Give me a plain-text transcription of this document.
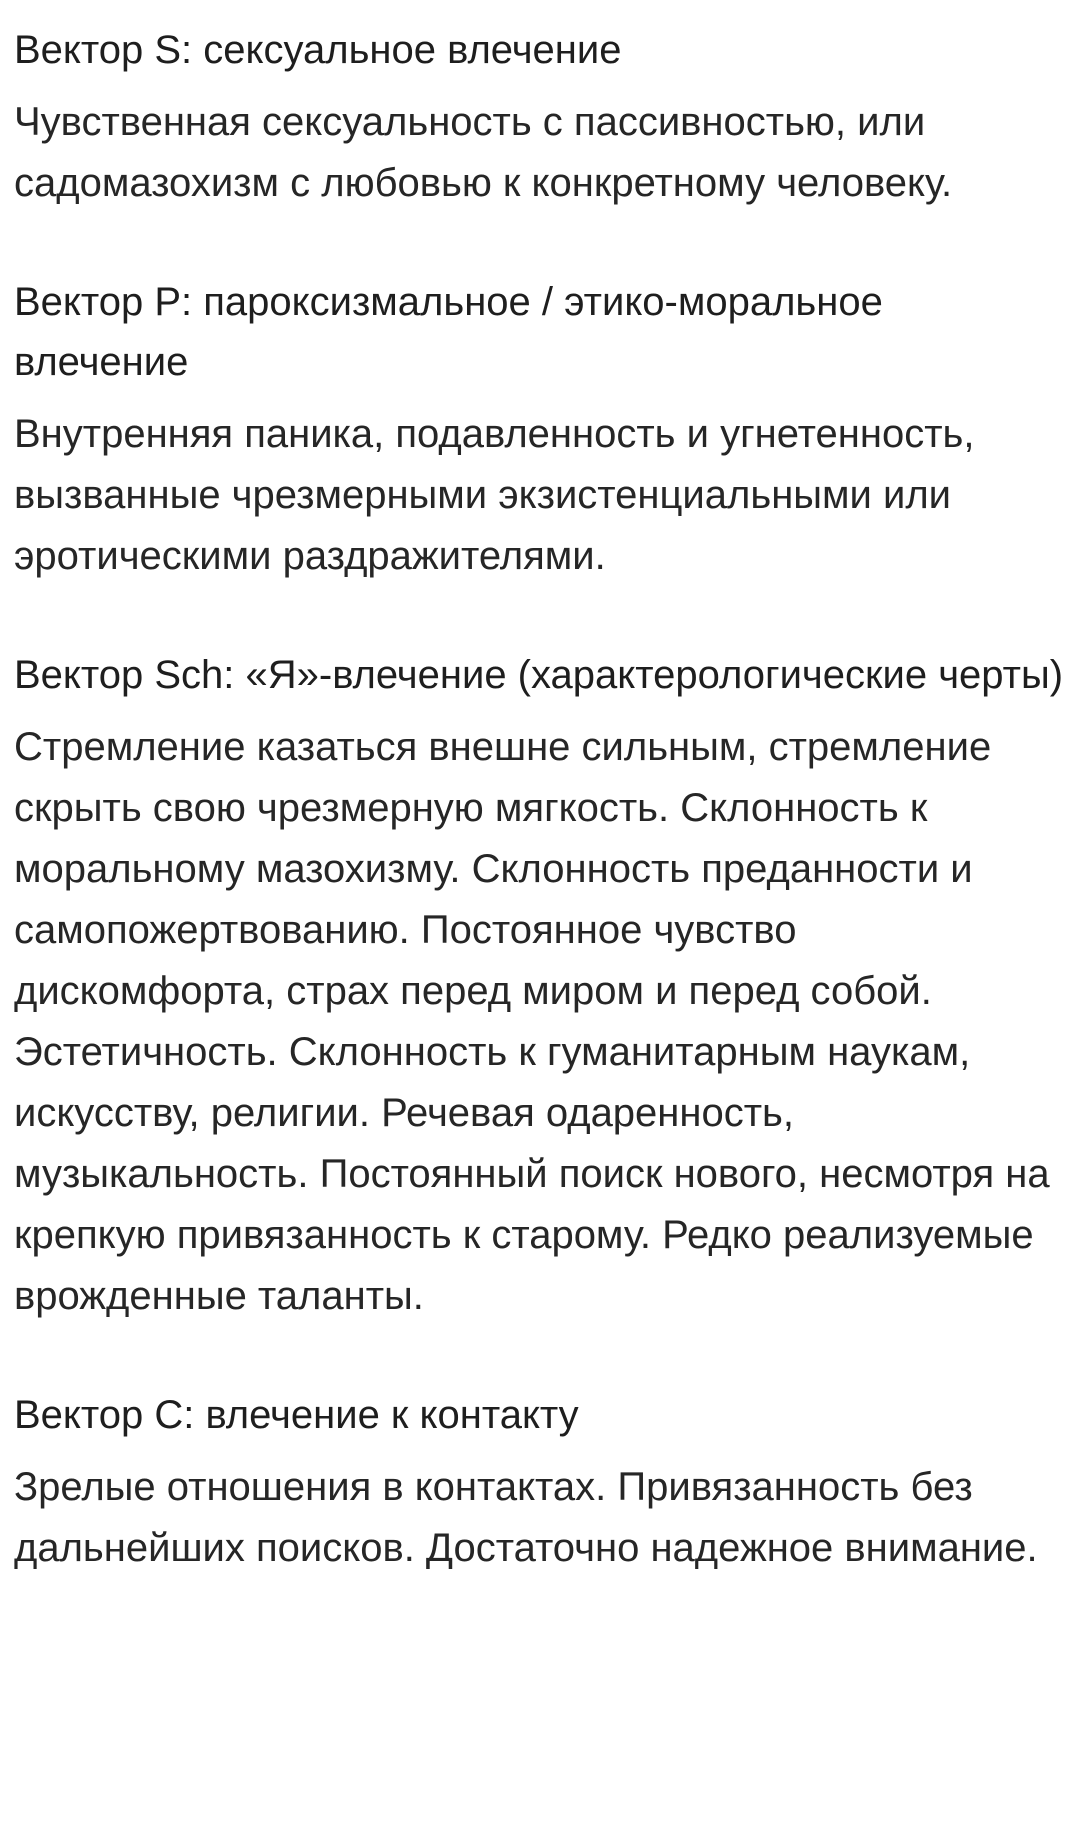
Вектор S: сексуальное влечение

Чувственная сексуальность с пассивностью, или садомазохизм с любовью к конкретному человеку.

Вектор P: пароксизмальное / этико-моральное влечение

Внутренняя паника, подавленность и угнетенность, вызванные чрезмерными экзистенциальными или эротическими раздражителями.

Вектор Sch: «Я»-влечение (характерологические черты)

Стремление казаться внешне сильным, стремление скрыть свою чрезмерную мягкость. Склонность к моральному мазохизму. Склонность преданности и самопожертвованию. Постоянное чувство дискомфорта, страх перед миром и перед собой. Эстетичность. Склонность к гуманитарным наукам, искусству, религии. Речевая одаренность, музыкальность. Постоянный поиск нового, несмотря на крепкую привязанность к старому. Редко реализуемые врожденные таланты.

Вектор C: влечение к контакту

Зрелые отношения в контактах. Привязанность без дальнейших поисков. Достаточно надежное внимание.
